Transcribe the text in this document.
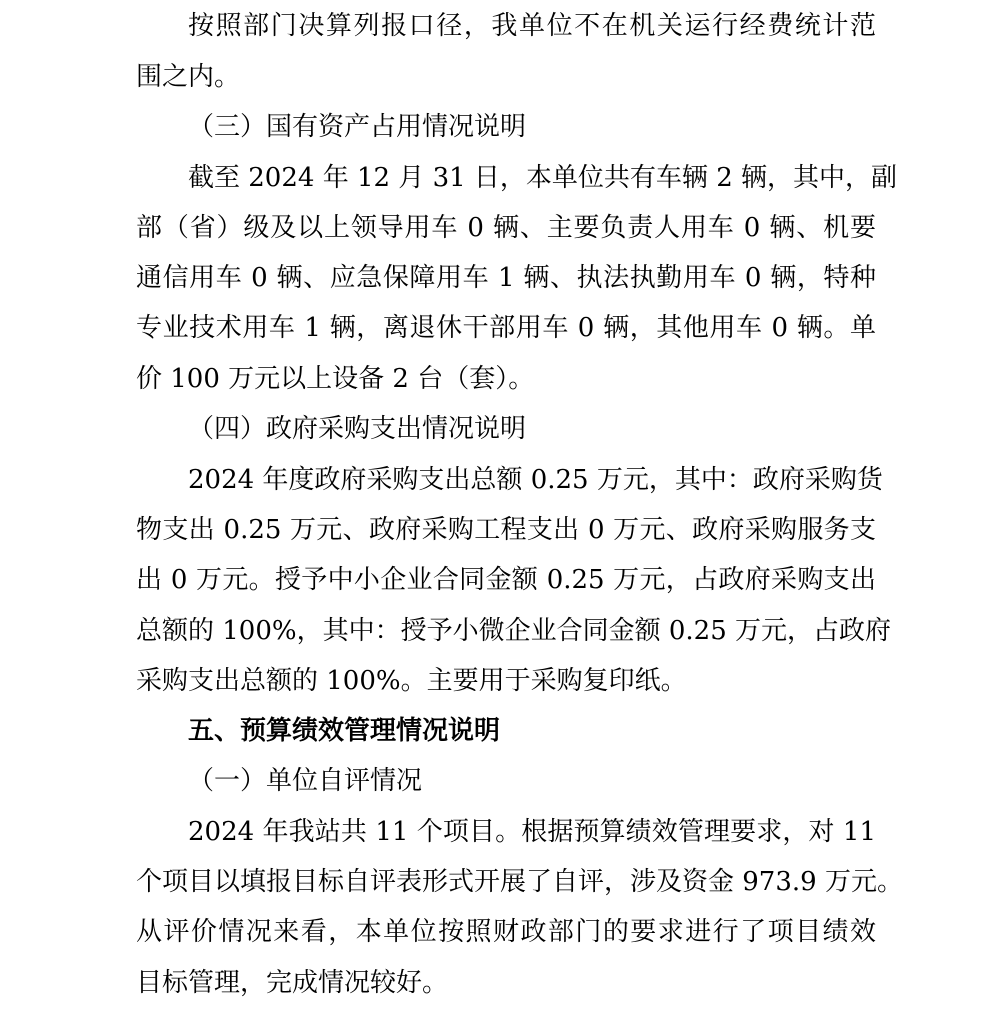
按照部门决算列报口径，我单位不在机关运行经费统计范
围之内。
（三）国有资产占用情况说明
截至 2024 年 12 月 31 日，本单位共有车辆 2 辆，其中，副
部（省）级及以上领导用车 0 辆、主要负责人用车 0 辆、机要
通信用车 0 辆、应急保障用车 1 辆、执法执勤用车 0 辆，特种
专业技术用车 1 辆，离退休干部用车 0 辆，其他用车 0 辆。单
价 100 万元以上设备 2 台（套）。
（四）政府采购支出情况说明
2024 年度政府采购支出总额 0.25 万元，其中：政府采购货
物支出 0.25 万元、政府采购工程支出 0 万元、政府采购服务支
出 0 万元。授予中小企业合同金额 0.25 万元，占政府采购支出
总额的 100%，其中：授予小微企业合同金额 0.25 万元，占政府
采购支出总额的 100%。主要用于采购复印纸。
五、预算绩效管理情况说明
（一）单位自评情况
2024 年我站共 11 个项目。根据预算绩效管理要求，对 11
个项目以填报目标自评表形式开展了自评，涉及资金 973.9 万元。
从评价情况来看，本单位按照财政部门的要求进行了项目绩效
目标管理，完成情况较好。
